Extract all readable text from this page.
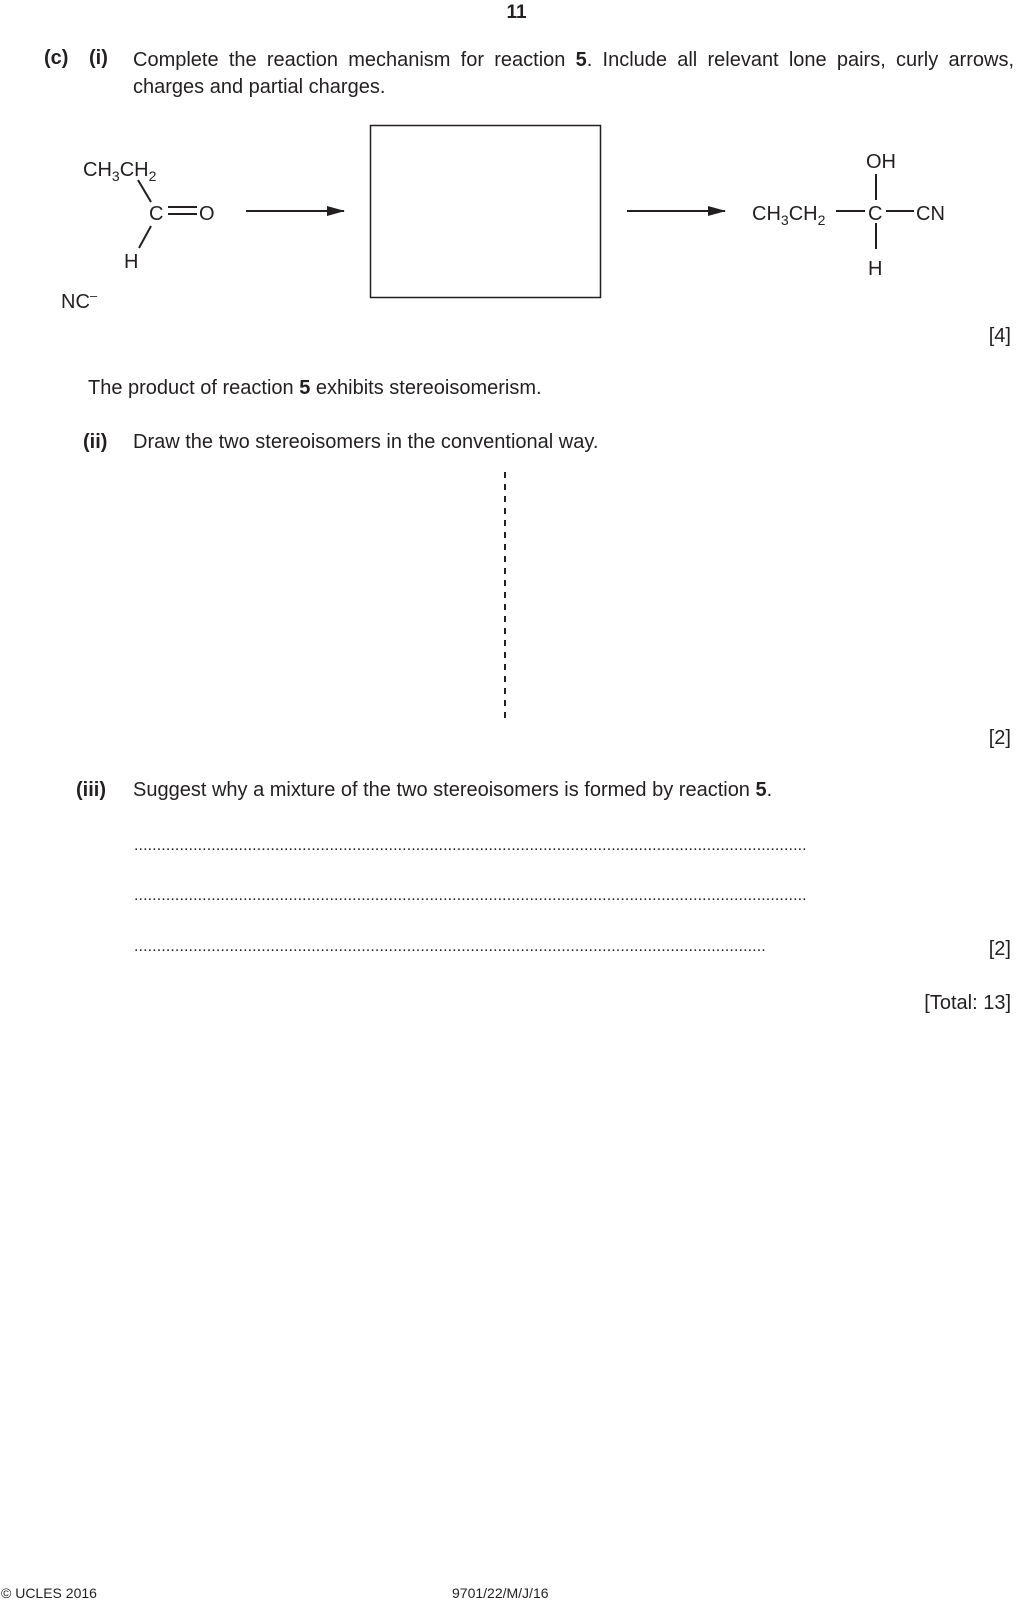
11
(c) (i) Complete the reaction mechanism for reaction 5. Include all relevant lone pairs, curly arrows, charges and partial charges.
$CH_3CH_2$
C O
H
NC–
OH
$CH_3CH_2$ C CN
H
[4]
The product of reaction 5 exhibits stereoisomerism.
(ii) Draw the two stereoisomers in the conventional way.
[2]
(iii) Suggest why a mixture of the two stereoisomers is formed by reaction 5.
....................................................................................................................................................
....................................................................................................................................................
...........................................................................................................................................	[2]
[Total: 13]
© UCLES 2016	9701/22/M/J/16
